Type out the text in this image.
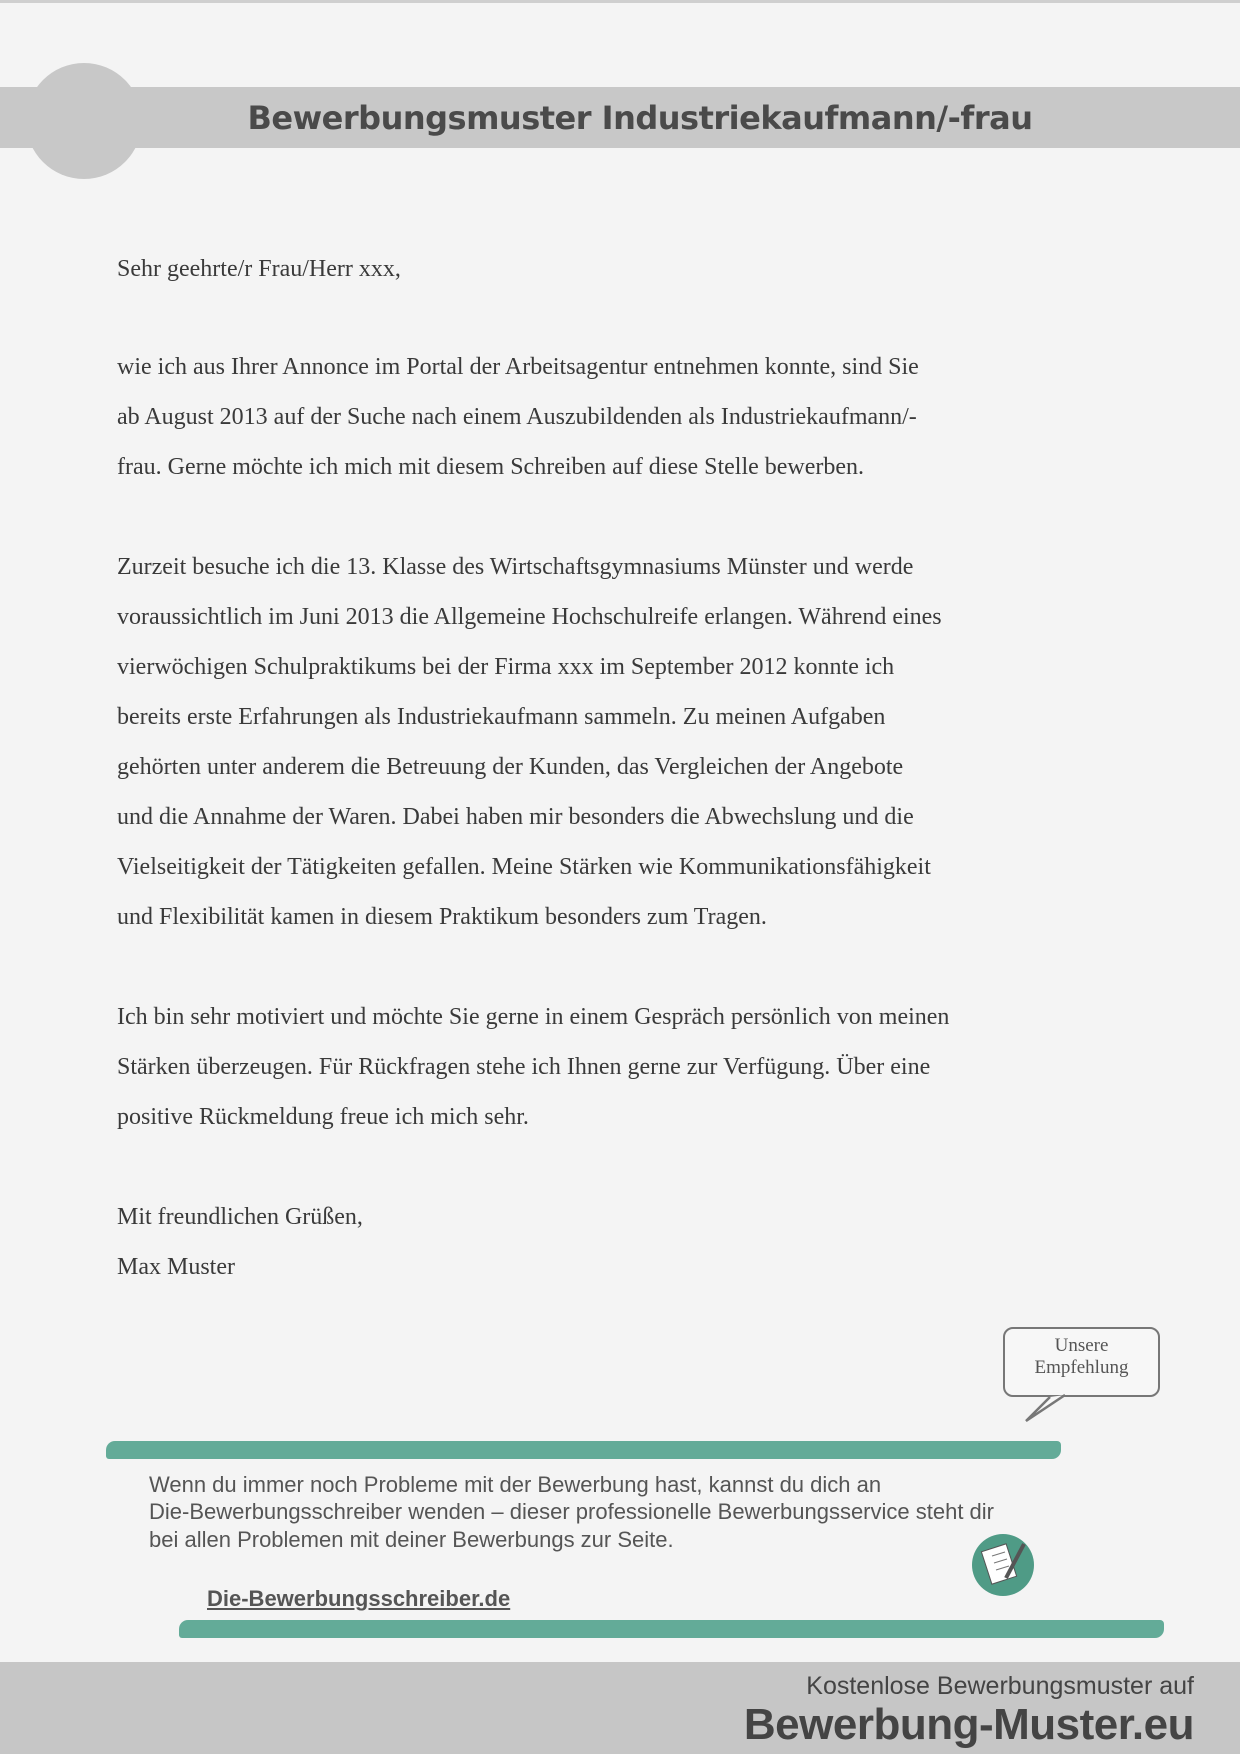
Bewerbungsmuster Industriekaufmann/-frau
Sehr geehrte/r Frau/Herr xxx,
wie ich aus Ihrer Annonce im Portal der Arbeitsagentur entnehmen konnte, sind Sie
ab August 2013 auf der Suche nach einem Auszubildenden als Industriekaufmann/-
frau. Gerne möchte ich mich mit diesem Schreiben auf diese Stelle bewerben.
Zurzeit besuche ich die 13. Klasse des Wirtschaftsgymnasiums Münster und werde
voraussichtlich im Juni 2013 die Allgemeine Hochschulreife erlangen. Während eines
vierwöchigen Schulpraktikums bei der Firma xxx im September 2012 konnte ich
bereits erste Erfahrungen als Industriekaufmann sammeln. Zu meinen Aufgaben
gehörten unter anderem die Betreuung der Kunden, das Vergleichen der Angebote
und die Annahme der Waren. Dabei haben mir besonders die Abwechslung und die
Vielseitigkeit der Tätigkeiten gefallen. Meine Stärken wie Kommunikationsfähigkeit
und Flexibilität kamen in diesem Praktikum besonders zum Tragen.
Ich bin sehr motiviert und möchte Sie gerne in einem Gespräch persönlich von meinen
Stärken überzeugen. Für Rückfragen stehe ich Ihnen gerne zur Verfügung. Über eine
positive Rückmeldung freue ich mich sehr.
Mit freundlichen Grüßen,
Max Muster
Unsere
Empfehlung
Wenn du immer noch Probleme mit der Bewerbung hast, kannst du dich an
Die-Bewerbungsschreiber wenden – dieser professionelle Bewerbungsservice steht dir
bei allen Problemen mit deiner Bewerbungs zur Seite.
Die-Bewerbungsschreiber.de
Kostenlose Bewerbungsmuster auf
Bewerbung-Muster.eu
